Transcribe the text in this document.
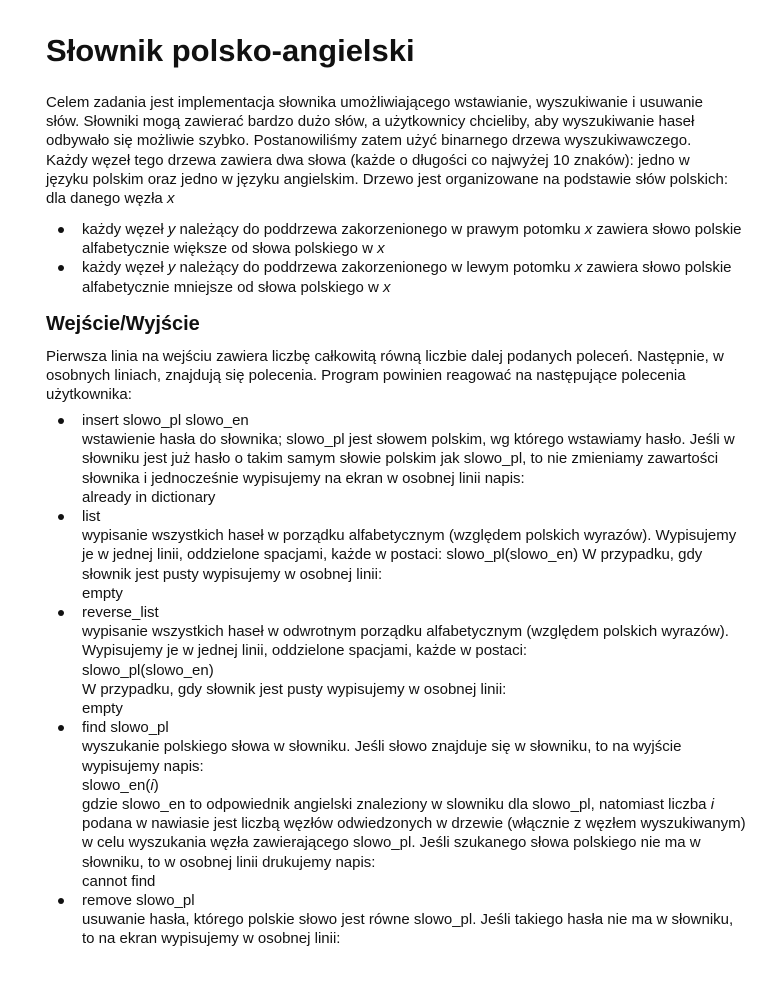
Słownik polsko-angielski

Celem zadania jest implementacja słownika umożliwiającego wstawianie, wyszukiwanie i usuwanie słów. Słowniki mogą zawierać bardzo dużo słów, a użytkownicy chcieliby, aby wyszukiwanie haseł odbywało się możliwie szybko. Postanowiliśmy zatem użyć binarnego drzewa wyszukiwawczego. Każdy węzeł tego drzewa zawiera dwa słowa (każde o długości co najwyżej 10 znaków): jedno w języku polskim oraz jedno w języku angielskim. Drzewo jest organizowane na podstawie słów polskich: dla danego węzła x

każdy węzeł y należący do poddrzewa zakorzenionego w prawym potomku x zawiera słowo polskie alfabetycznie większe od słowa polskiego w x
każdy węzeł y należący do poddrzewa zakorzenionego w lewym potomku x zawiera słowo polskie alfabetycznie mniejsze od słowa polskiego w x
Wejście/Wyjście

Pierwsza linia na wejściu zawiera liczbę całkowitą równą liczbie dalej podanych poleceń. Następnie, w osobnych liniach, znajdują się polecenia. Program powinien reagować na następujące polecenia użytkownika:

insert slowo_pl slowo_en
wstawienie hasła do słownika; slowo_pl jest słowem polskim, wg którego wstawiamy hasło. Jeśli w słowniku jest już hasło o takim samym słowie polskim jak slowo_pl, to nie zmieniamy zawartości słownika i jednocześnie wypisujemy na ekran w osobnej linii napis:
already in dictionary
list
wypisanie wszystkich haseł w porządku alfabetycznym (względem polskich wyrazów). Wypisujemy je w jednej linii, oddzielone spacjami, każde w postaci: slowo_pl(slowo_en) W przypadku, gdy słownik jest pusty wypisujemy w osobnej linii:
empty
reverse_list
wypisanie wszystkich haseł w odwrotnym porządku alfabetycznym (względem polskich wyrazów). Wypisujemy je w jednej linii, oddzielone spacjami, każde w postaci:
slowo_pl(slowo_en)
W przypadku, gdy słownik jest pusty wypisujemy w osobnej linii:
empty
find slowo_pl
wyszukanie polskiego słowa w słowniku. Jeśli słowo znajduje się w słowniku, to na wyjście wypisujemy napis:
slowo_en(i)
gdzie slowo_en to odpowiednik angielski znaleziony w slowniku dla slowo_pl, natomiast liczba i podana w nawiasie jest liczbą węzłów odwiedzonych w drzewie (włącznie z węzłem wyszukiwanym) w celu wyszukania węzła zawierającego slowo_pl. Jeśli szukanego słowa polskiego nie ma w słowniku, to w osobnej linii drukujemy napis:
cannot find
remove slowo_pl
usuwanie hasła, którego polskie słowo jest równe slowo_pl. Jeśli takiego hasła nie ma w słowniku, to na ekran wypisujemy w osobnej linii:
